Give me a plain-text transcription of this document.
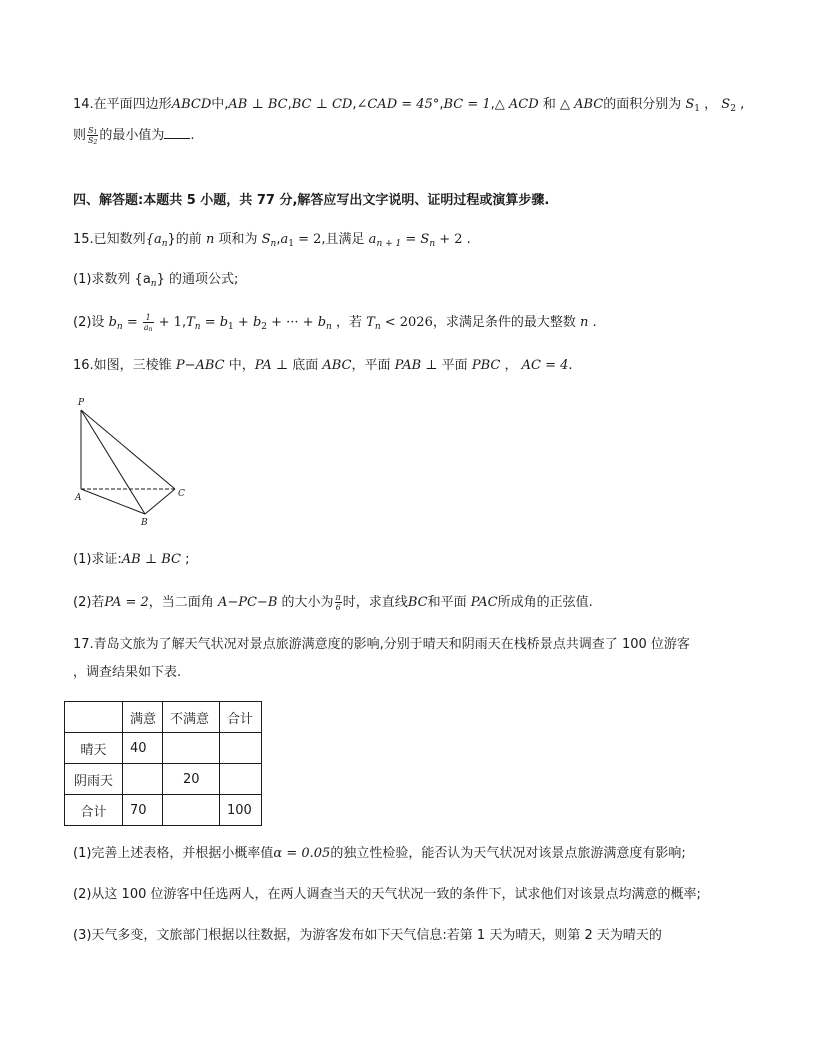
14.在平面四边形ABCD中,AB ⊥ BC,BC ⊥ CD,∠CAD = 45°,BC = 1,△ ACD 和 △ ABC的面积分别为 $S_1$ ， $S_2$ ,
则 $\frac{S_1}{S_2}$ 的最小值为 .
四、解答题:本题共 5 小题，共 77 分,解答应写出文字说明、证明过程或演算步骤.
15.已知数列$\{a_n\}$的前 n 项和为 $S_n,a_1 = 2$,且满足 $a_{n + 1} = S_n + 2$ .
(1)求数列 $\{a_n\}$ 的通项公式;
(2)设 $b_n = \frac{1}{a_n} + 1,T_n = b_1 + b_2$ + ··· + $b_n$ ，若 $T_n < 2026$，求满足条件的最大整数 n .
16.如图，三棱锥 P−ABC 中，PA ⊥ 底面 ABC，平面 PAB ⊥ 平面 PBC ， AC = 4.
P
A
B
C
(1)求证:AB ⊥ BC ;
(2)若PA = 2，当二面角 A−PC−B 的大小为 $\frac{\pi}{6}$ 时，求直线BC和平面 PAC所成角的正弦值.
17.青岛文旅为了解天气状况对景点旅游满意度的影响,分别于晴天和阴雨天在栈桥景点共调查了 100 位游客
，调查结果如下表.
	满意	不满意	合计
晴天	40		
阴雨天		20	
合计	70		100
(1)完善上述表格，并根据小概率值α = 0.05的独立性检验，能否认为天气状况对该景点旅游满意度有影响;
(2)从这 100 位游客中任选两人，在两人调查当天的天气状况一致的条件下，试求他们对该景点均满意的概率;
(3)天气多变，文旅部门根据以往数据，为游客发布如下天气信息:若第 1 天为晴天，则第 2 天为晴天的
